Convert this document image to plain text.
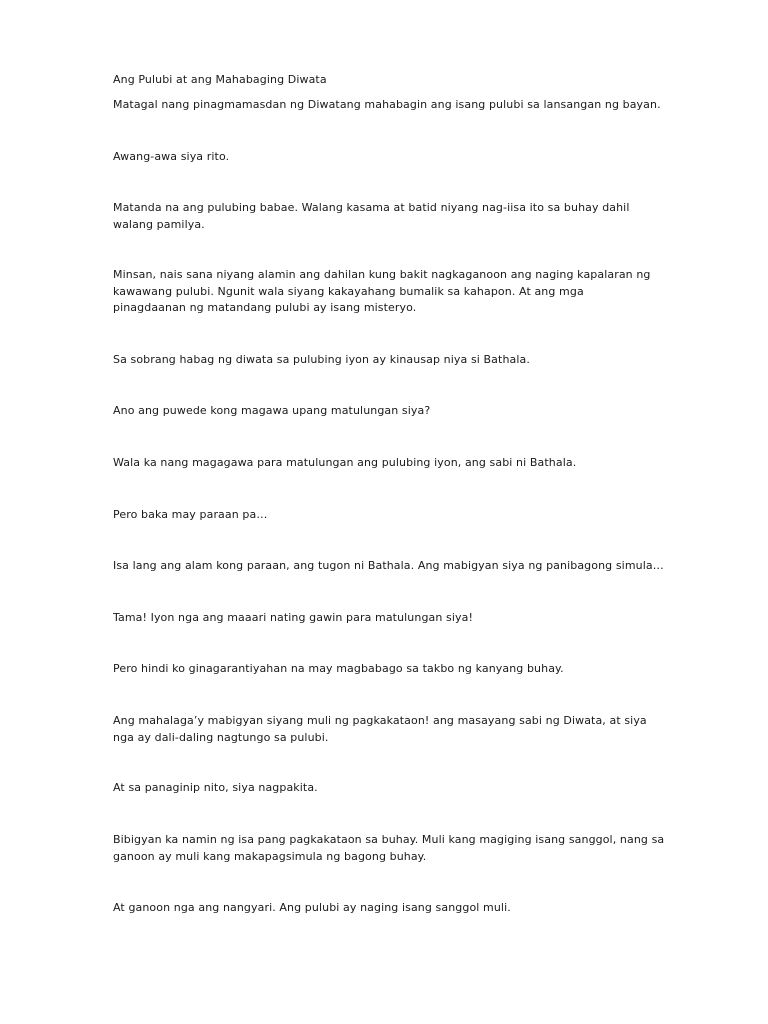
Ang Pulubi at ang Mahabaging Diwata

Matagal nang pinagmamasdan ng Diwatang mahabagin ang isang pulubi sa lansangan ng bayan.

Awang-awa siya rito.

Matanda na ang pulubing babae. Walang kasama at batid niyang nag-iisa ito sa buhay dahil
walang pamilya.

Minsan, nais sana niyang alamin ang dahilan kung bakit nagkaganoon ang naging kapalaran ng
kawawang pulubi. Ngunit wala siyang kakayahang bumalik sa kahapon. At ang mga
pinagdaanan ng matandang pulubi ay isang misteryo.

Sa sobrang habag ng diwata sa pulubing iyon ay kinausap niya si Bathala.

Ano ang puwede kong magawa upang matulungan siya?

Wala ka nang magagawa para matulungan ang pulubing iyon, ang sabi ni Bathala.

Pero baka may paraan pa…

Isa lang ang alam kong paraan, ang tugon ni Bathala. Ang mabigyan siya ng panibagong simula…

Tama! Iyon nga ang maaari nating gawin para matulungan siya!

Pero hindi ko ginagarantiyahan na may magbabago sa takbo ng kanyang buhay.

Ang mahalaga’y mabigyan siyang muli ng pagkakataon! ang masayang sabi ng Diwata, at siya
nga ay dali-daling nagtungo sa pulubi.

At sa panaginip nito, siya nagpakita.

Bibigyan ka namin ng isa pang pagkakataon sa buhay. Muli kang magiging isang sanggol, nang sa
ganoon ay muli kang makapagsimula ng bagong buhay.

At ganoon nga ang nangyari. Ang pulubi ay naging isang sanggol muli.
